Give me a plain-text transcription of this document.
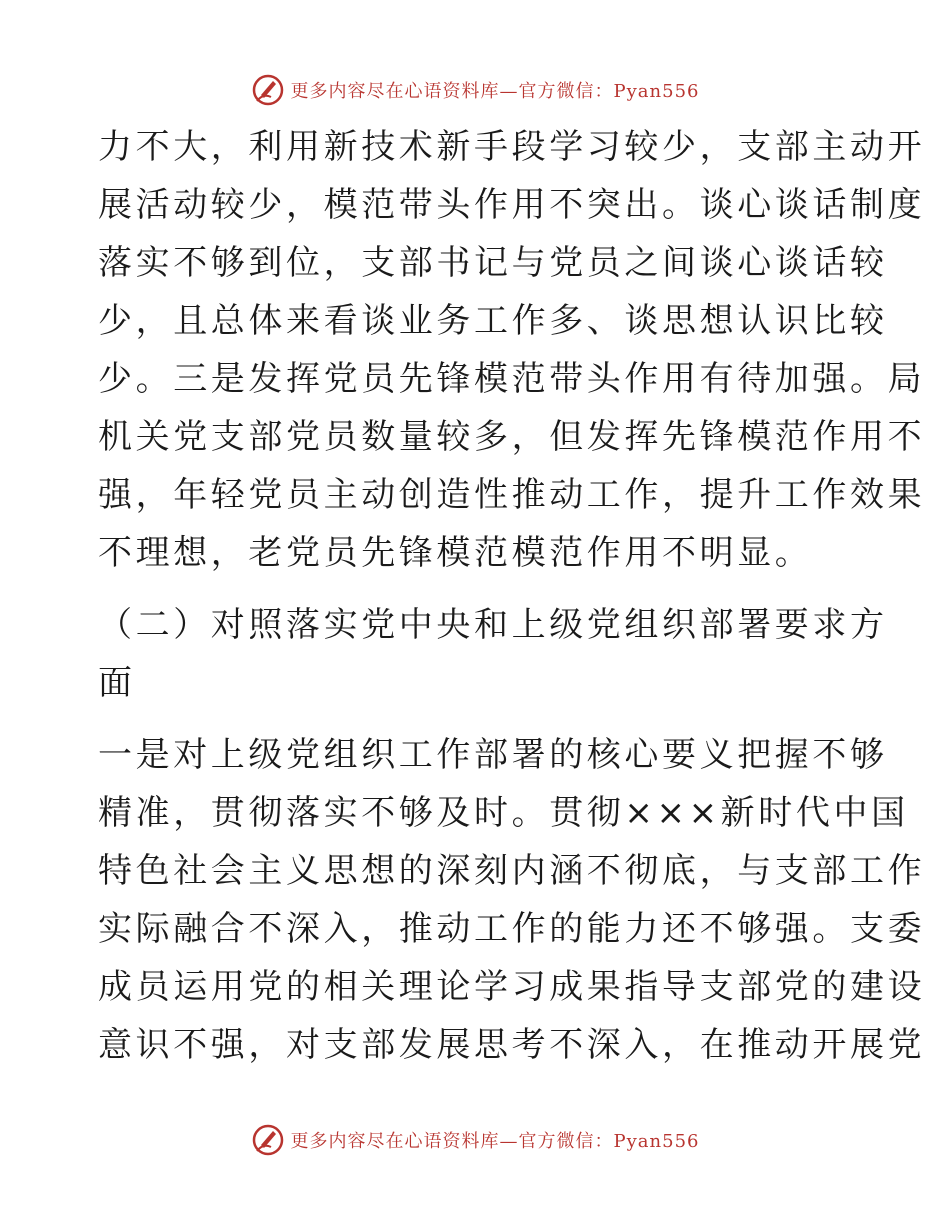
更多内容尽在心语资料库—官方微信：Pyan556
力不大，利用新技术新手段学习较少，支部主动开
展活动较少，模范带头作用不突出。谈心谈话制度
落实不够到位，支部书记与党员之间谈心谈话较
少，且总体来看谈业务工作多、谈思想认识比较
少。三是发挥党员先锋模范带头作用有待加强。局
机关党支部党员数量较多，但发挥先锋模范作用不
强，年轻党员主动创造性推动工作，提升工作效果
不理想，老党员先锋模范模范作用不明显。
（二）对照落实党中央和上级党组织部署要求方
面
一是对上级党组织工作部署的核心要义把握不够
精准，贯彻落实不够及时。贯彻×××新时代中国
特色社会主义思想的深刻内涵不彻底，与支部工作
实际融合不深入，推动工作的能力还不够强。支委
成员运用党的相关理论学习成果指导支部党的建设
意识不强，对支部发展思考不深入，在推动开展党
更多内容尽在心语资料库—官方微信：Pyan556
